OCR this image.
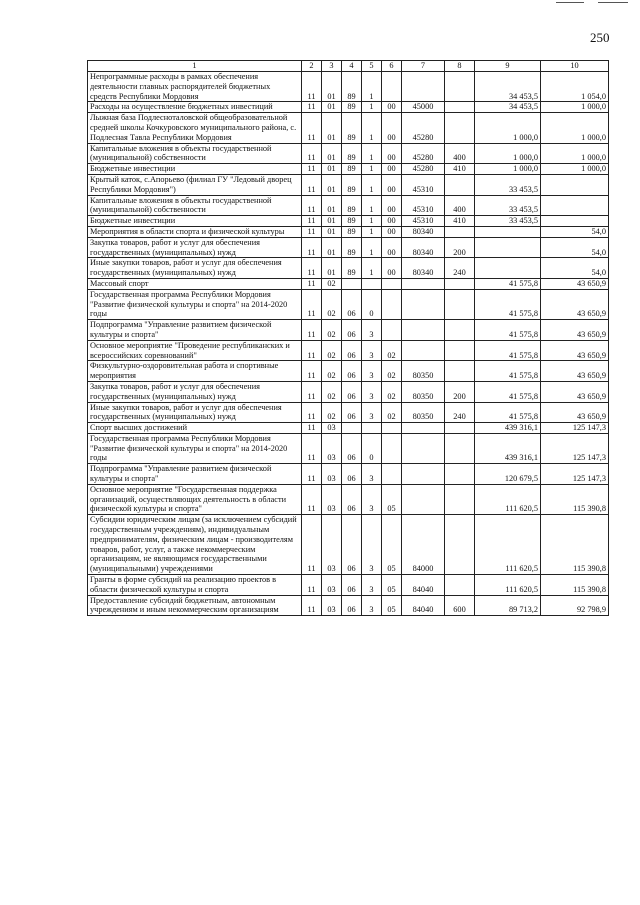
250
1	2	3	4	5	6	7	8	9	10
Непрограммные расходы в рамках обеспечения деятельности главных распорядителей бюджетных средств Республики Мордовия	11	01	89	1				34 453,5	1 054,0
Расходы на осуществление бюджетных инвестиций	11	01	89	1	00	45000		34 453,5	1 000,0
Лыжная база Подлесноталовской общеобразовательной средней школы Кочкуровского муниципального района, с. Подлесная Тавла Республики Мордовия	11	01	89	1	00	45280		1 000,0	1 000,0
Капитальные вложения в объекты государственной (муниципальной) собственности	11	01	89	1	00	45280	400	1 000,0	1 000,0
Бюджетные инвестиции	11	01	89	1	00	45280	410	1 000,0	1 000,0
Крытый каток, с.Апорьево (филиал ГУ "Ледовый дворец Республики Мордовия")	11	01	89	1	00	45310		33 453,5	
Капитальные вложения в объекты государственной (муниципальной) собственности	11	01	89	1	00	45310	400	33 453,5	
Бюджетные инвестиции	11	01	89	1	00	45310	410	33 453,5	
Мероприятия в области спорта и физической культуры	11	01	89	1	00	80340			54,0
Закупка товаров, работ и услуг для обеспечения государственных (муниципальных) нужд	11	01	89	1	00	80340	200		54,0
Иные закупки товаров, работ и услуг для обеспечения государственных (муниципальных) нужд	11	01	89	1	00	80340	240		54,0
Массовый спорт	11	02						41 575,8	43 650,9
Государственная программа Республики Мордовия "Развитие физической культуры и спорта" на 2014-2020 годы	11	02	06	0				41 575,8	43 650,9
Подпрограмма "Управление развитием физической культуры и спорта"	11	02	06	3				41 575,8	43 650,9
Основное мероприятие "Проведение республиканских и всероссийских соревнований"	11	02	06	3	02			41 575,8	43 650,9
Физкультурно-оздоровительная работа и спортивные мероприятия	11	02	06	3	02	80350		41 575,8	43 650,9
Закупка товаров, работ и услуг для обеспечения государственных (муниципальных) нужд	11	02	06	3	02	80350	200	41 575,8	43 650,9
Иные закупки товаров, работ и услуг для обеспечения государственных (муниципальных) нужд	11	02	06	3	02	80350	240	41 575,8	43 650,9
Спорт высших достижений	11	03						439 316,1	125 147,3
Государственная программа Республики Мордовия "Развитие физической культуры и спорта" на 2014-2020 годы	11	03	06	0				439 316,1	125 147,3
Подпрограмма "Управление развитием физической культуры и спорта"	11	03	06	3				120 679,5	125 147,3
Основное мероприятие "Государственная поддержка организаций, осуществляющих деятельность в области физической культуры и спорта"	11	03	06	3	05			111 620,5	115 390,8
Субсидии юридическим лицам (за исключением субсидий государственным учреждениям), индивидуальным предпринимателям, физическим лицам - производителям товаров, работ, услуг, а также некоммерческим организациям, не являющимся государственными (муниципальными) учреждениями	11	03	06	3	05	84000		111 620,5	115 390,8
Гранты в форме субсидий на реализацию проектов в области физической культуры и спорта	11	03	06	3	05	84040		111 620,5	115 390,8
Предоставление субсидий бюджетным, автономным учреждениям и иным некоммерческим организациям	11	03	06	3	05	84040	600	89 713,2	92 798,9
